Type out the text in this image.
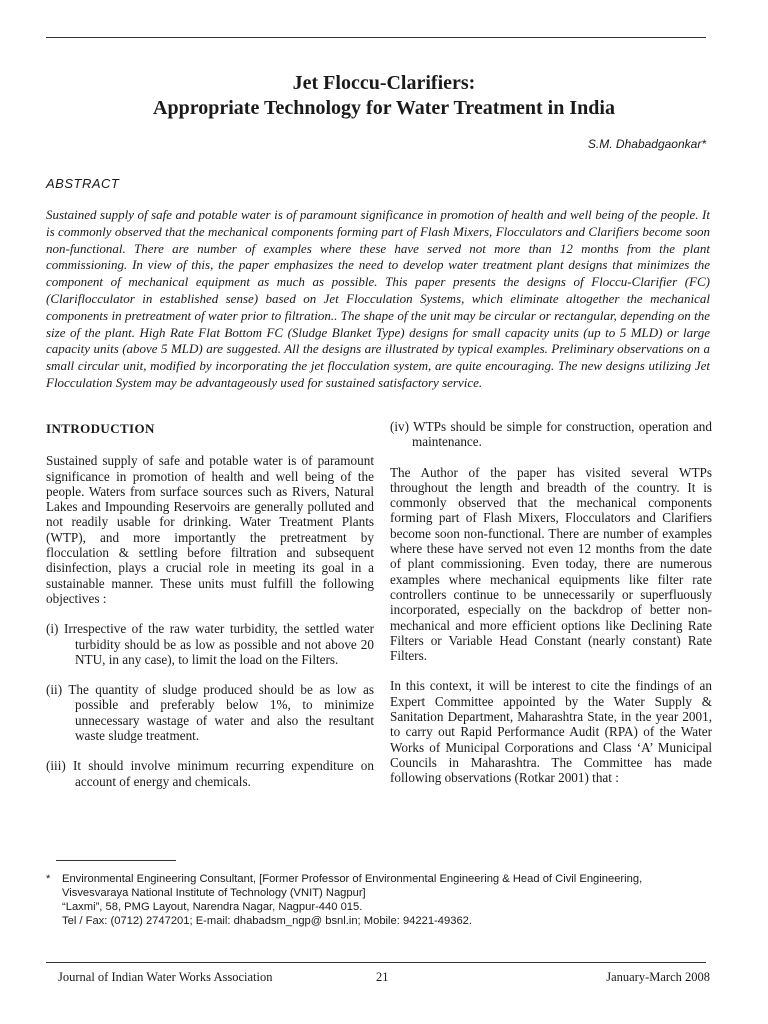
Jet Floccu-Clarifiers:
Appropriate Technology for Water Treatment in India
S.M. Dhabadgaonkar*
ABSTRACT
Sustained supply of safe and potable water is of paramount significance in promotion of health and well being of the people. It is commonly observed that the mechanical components forming part of Flash Mixers, Flocculators and Clarifiers become soon non-functional. There are number of examples where these have served not more than 12 months from the plant commissioning. In view of this, the paper emphasizes the need to develop water treatment plant designs that minimizes the component of mechanical equipment as much as possible. This paper presents the designs of Floccu-Clarifier (FC) (Clariflocculator in established sense) based on Jet Flocculation Systems, which eliminate altogether the mechanical components in pretreatment of water prior to filtration.. The shape of the unit may be circular or rectangular, depending on the size of the plant. High Rate Flat Bottom FC (Sludge Blanket Type) designs for small capacity units (up to 5 MLD) or large capacity units (above 5 MLD) are suggested. All the designs are illustrated by typical examples. Preliminary observations on a small circular unit, modified by incorporating the jet flocculation system, are quite encouraging. The new designs utilizing Jet Flocculation System may be advantageously used for sustained satisfactory service.
INTRODUCTION

Sustained supply of safe and potable water is of paramount significance in promotion of health and well being of the people. Waters from surface sources such as Rivers, Natural Lakes and Impounding Reservoirs are generally polluted and not readily usable for drinking. Water Treatment Plants (WTP), and more importantly the pretreatment by flocculation & settling before filtration and subsequent disinfection, plays a crucial role in meeting its goal in a sustainable manner. These units must fulfill the following objectives :

(i) Irrespective of the raw water turbidity, the settled water turbidity should be as low as possible and not above 20 NTU, in any case), to limit the load on the Filters.

(ii) The quantity of sludge produced should be as low as possible and preferably below 1%, to minimize unnecessary wastage of water and also the resultant waste sludge treatment.

(iii) It should involve minimum recurring expenditure on account of energy and chemicals.

(iv) WTPs should be simple for construction, operation and maintenance.

The Author of the paper has visited several WTPs throughout the length and breadth of the country. It is commonly observed that the mechanical components forming part of Flash Mixers, Flocculators and Clarifiers become soon non-functional. There are number of examples where these have served not even 12 months from the date of plant commissioning. Even today, there are numerous examples where mechanical equipments like filter rate controllers continue to be unnecessarily or superfluously incorporated, especially on the backdrop of better non-mechanical and more efficient options like Declining Rate Filters or Variable Head Constant (nearly constant) Rate Filters.

In this context, it will be interest to cite the findings of an Expert Committee appointed by the Water Supply & Sanitation Department, Maharashtra State, in the year 2001, to carry out Rapid Performance Audit (RPA) of the Water Works of Municipal Corporations and Class ‘A’ Municipal Councils in Maharashtra. The Committee has made following observations (Rotkar 2001) that :

* Environmental Engineering Consultant, [Former Professor of Environmental Engineering & Head of Civil Engineering,
Visvesvaraya National Institute of Technology (VNIT) Nagpur]
“Laxmi”, 58, PMG Layout, Narendra Nagar, Nagpur-440 015.
Tel / Fax: (0712) 2747201; E-mail: dhabadsm_ngp@ bsnl.in; Mobile: 94221-49362.
Journal of Indian Water Works Association	21	January-March 2008
